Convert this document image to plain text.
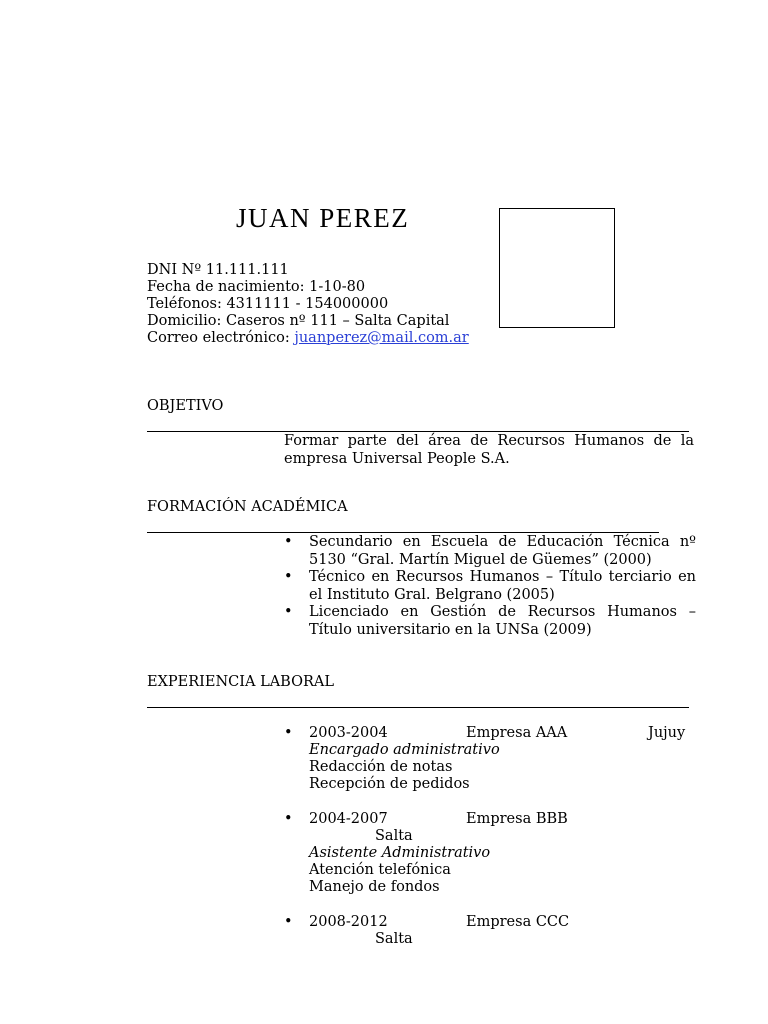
JUAN PEREZ
DNI Nº 11.111.111
Fecha de nacimiento: 1-10-80
Teléfonos: 4311111 - 154000000
Domicilio: Caseros nº 111 – Salta Capital
Correo electrónico: juanperez@mail.com.ar
OBJETIVO
Formar parte del área de Recursos Humanos de la empresa Universal People S.A.
FORMACIÓN ACADÉMICA
• Secundario en Escuela de Educación Técnica nº 5130 “Gral. Martín Miguel de Güemes” (2000)
• Técnico en Recursos Humanos – Título terciario en el Instituto Gral. Belgrano (2005)
• Licenciado en Gestión de Recursos Humanos – Título universitario en la UNSa (2009)
EXPERIENCIA LABORAL
• 2003-2004	Empresa AAA	Jujuy
Encargado administrativo
Redacción de notas
Recepción de pedidos
• 2004-2007	Empresa BBB
Salta
Asistente Administrativo
Atención telefónica
Manejo de fondos
• 2008-2012	Empresa CCC
Salta
